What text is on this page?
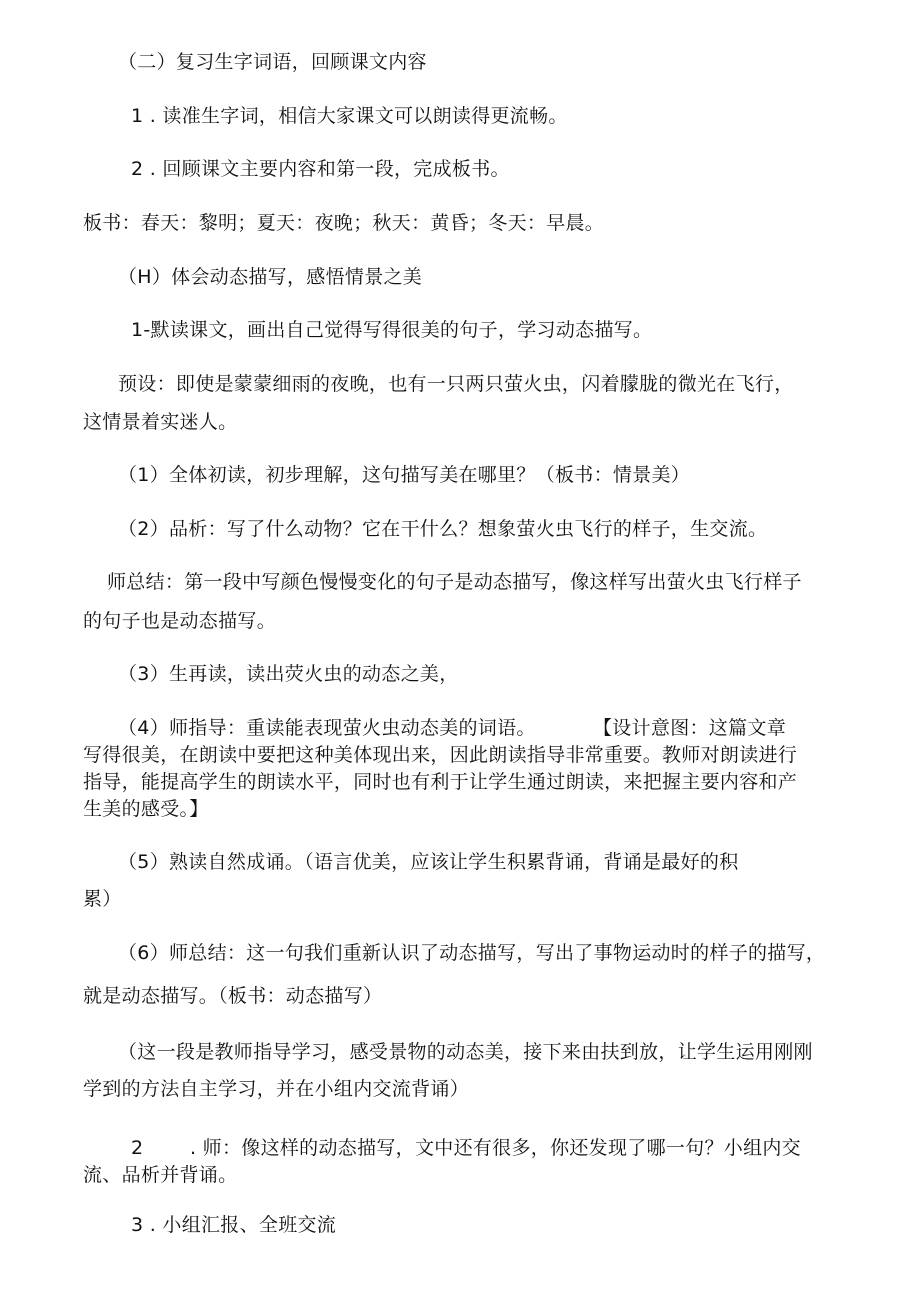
（二）复习生字词语，回顾课文内容
1 . 读准生字词，相信大家课文可以朗读得更流畅。
2 . 回顾课文主要内容和第一段，完成板书。
板书：春天：黎明；夏天：夜晚；秋天：黄昏；冬天：早晨。
（H）体会动态描写，感悟情景之美
1-默读课文，画出自己觉得写得很美的句子，学习动态描写。
预设：即使是蒙蒙细雨的夜晚，也有一只两只萤火虫，闪着朦胧的微光在飞行，
这情景着实迷人。
（1）全体初读，初步理解，这句描写美在哪里？（板书：情景美）
（2）品析：写了什么动物？它在干什么？想象萤火虫飞行的样子，生交流。
师总结：第一段中写颜色慢慢变化的句子是动态描写，像这样写出萤火虫飞行样子
的句子也是动态描写。
（3）生再读，读出荧火虫的动态之美，
（4）师指导：重读能表现萤火虫动态美的词语。	【设计意图：这篇文章
写得很美，在朗读中要把这种美体现出来，因此朗读指导非常重要。教师对朗读进行
指导，能提高学生的朗读水平，同时也有利于让学生通过朗读，来把握主要内容和产
生美的感受。】
（5）熟读自然成诵。（语言优美，应该让学生积累背诵，背诵是最好的积
累）
（6）师总结：这一句我们重新认识了动态描写，写出了事物运动时的样子的描写，
就是动态描写。（板书：动态描写）
（这一段是教师指导学习，感受景物的动态美，接下来由扶到放，让学生运用刚刚
学到的方法自主学习，并在小组内交流背诵）
2 . 师：像这样的动态描写，文中还有很多，你还发现了哪一句？小组内交
流、品析并背诵。
3 . 小组汇报、全班交流
